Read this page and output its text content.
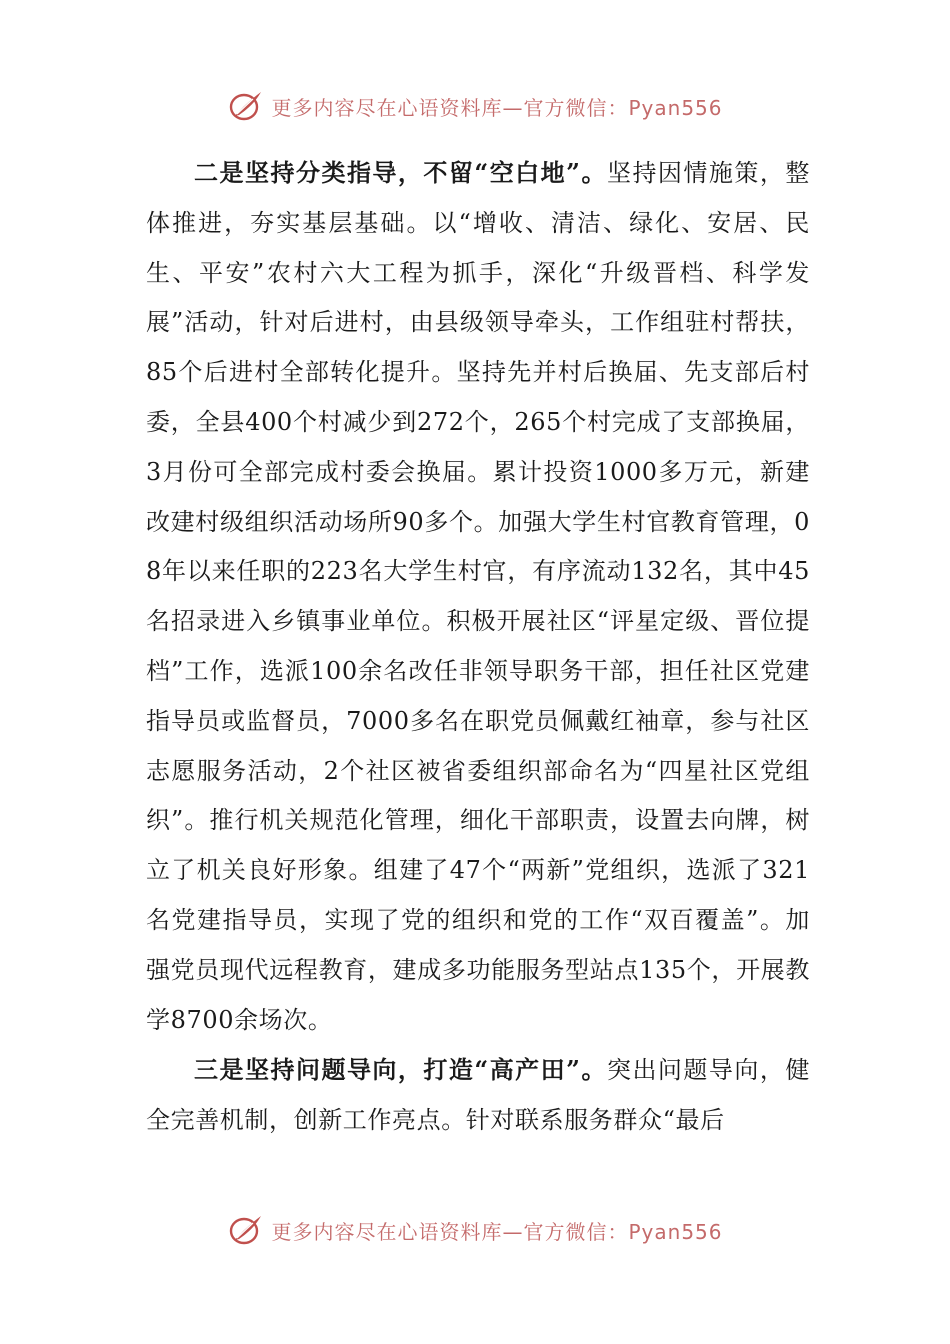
更多内容尽在心语资料库—官方微信：Pyan556

二是坚持分类指导，不留“空白地”。坚持因情施策，整体推进，夯实基层基础。以“增收、清洁、绿化、安居、民生、平安”农村六大工程为抓手，深化“升级晋档、科学发展”活动，针对后进村，由县级领导牵头，工作组驻村帮扶，85个后进村全部转化提升。坚持先并村后换届、先支部后村委，全县400个村减少到272个，265个村完成了支部换届，3月份可全部完成村委会换届。累计投资1000多万元，新建改建村级组织活动场所90多个。加强大学生村官教育管理，08年以来任职的223名大学生村官，有序流动132名，其中45名招录进入乡镇事业单位。积极开展社区“评星定级、晋位提档”工作，选派100余名改任非领导职务干部，担任社区党建指导员或监督员，7000多名在职党员佩戴红袖章，参与社区志愿服务活动，2个社区被省委组织部命名为“四星社区党组织”。推行机关规范化管理，细化干部职责，设置去向牌，树立了机关良好形象。组建了47个“两新”党组织，选派了321名党建指导员，实现了党的组织和党的工作“双百覆盖”。加强党员现代远程教育，建成多功能服务型站点135个，开展教学8700余场次。

三是坚持问题导向，打造“高产田”。突出问题导向，健全完善机制，创新工作亮点。针对联系服务群众“最后

更多内容尽在心语资料库—官方微信：Pyan556
